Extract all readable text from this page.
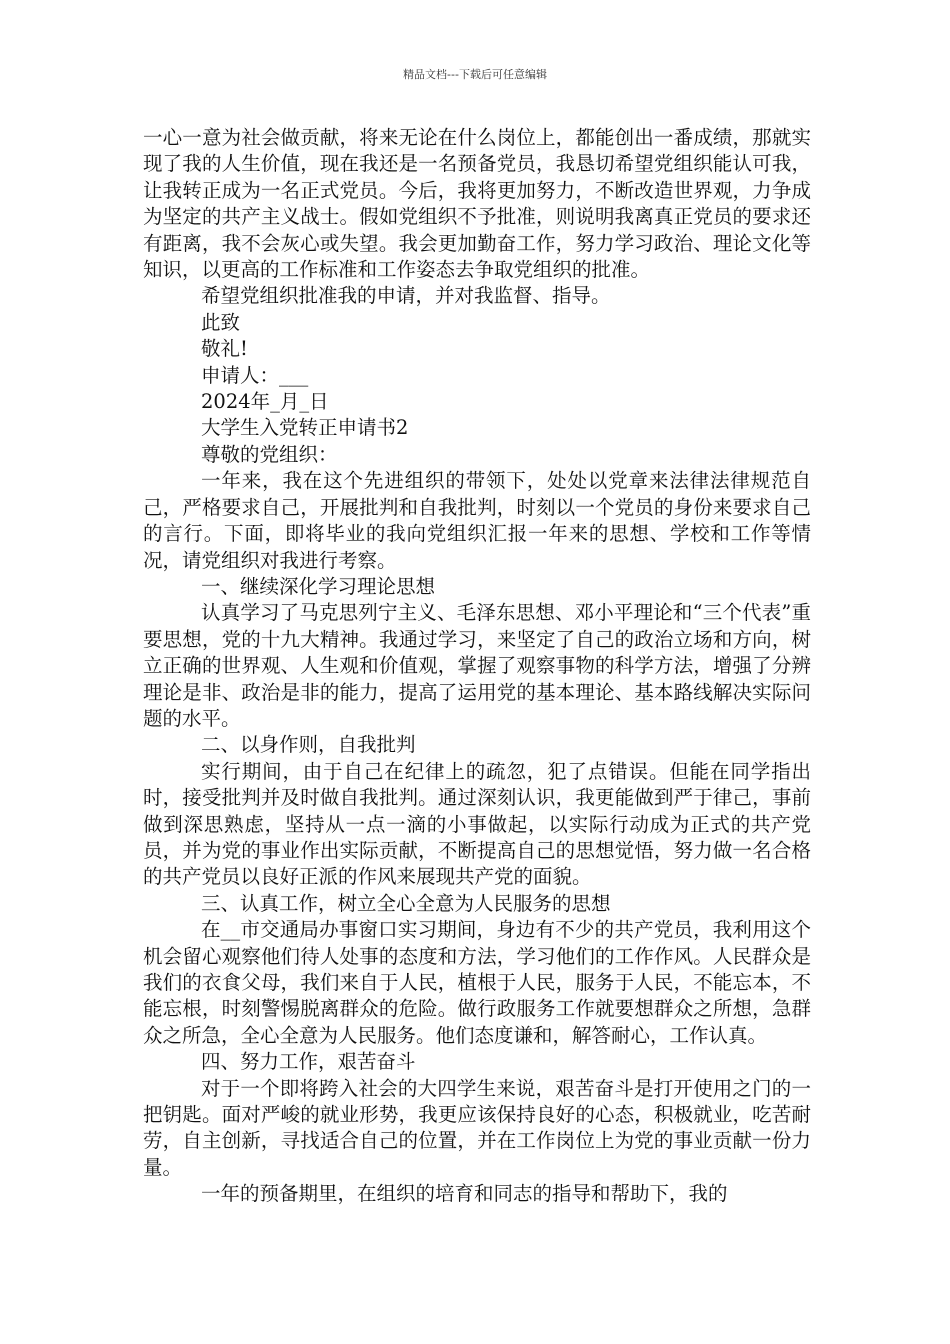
精品文档---下载后可任意编辑

一心一意为社会做贡献，将来无论在什么岗位上，都能创出一番成绩，那就实现了我的人生价值，现在我还是一名预备党员，我恳切希望党组织能认可我，让我转正成为一名正式党员。今后，我将更加努力，不断改造世界观，力争成为坚定的共产主义战士。假如党组织不予批准，则说明我离真正党员的要求还有距离，我不会灰心或失望。我会更加勤奋工作，努力学习政治、理论文化等知识，以更高的工作标准和工作姿态去争取党组织的批准。

希望党组织批准我的申请，并对我监督、指导。

此致

敬礼!

申请人：___

2024年_月_日

大学生入党转正申请书2

尊敬的党组织：

一年来，我在这个先进组织的带领下，处处以党章来法律法律规范自己，严格要求自己，开展批判和自我批判，时刻以一个党员的身份来要求自己的言行。下面，即将毕业的我向党组织汇报一年来的思想、学校和工作等情况，请党组织对我进行考察。

一、继续深化学习理论思想

认真学习了马克思列宁主义、毛泽东思想、邓小平理论和“三个代表”重要思想，党的十九大精神。我通过学习，来坚定了自己的政治立场和方向，树立正确的世界观、人生观和价值观，掌握了观察事物的科学方法，增强了分辨理论是非、政治是非的能力，提高了运用党的基本理论、基本路线解决实际问题的水平。

二、以身作则，自我批判

实行期间，由于自己在纪律上的疏忽，犯了点错误。但能在同学指出时，接受批判并及时做自我批判。通过深刻认识，我更能做到严于律己，事前做到深思熟虑，坚持从一点一滴的小事做起，以实际行动成为正式的共产党员，并为党的事业作出实际贡献，不断提高自己的思想觉悟，努力做一名合格的共产党员以良好正派的作风来展现共产党的面貌。

三、认真工作，树立全心全意为人民服务的思想

在__市交通局办事窗口实习期间，身边有不少的共产党员，我利用这个机会留心观察他们待人处事的态度和方法，学习他们的工作作风。人民群众是我们的衣食父母，我们来自于人民，植根于人民，服务于人民，不能忘本，不能忘根，时刻警惕脱离群众的危险。做行政服务工作就要想群众之所想，急群众之所急，全心全意为人民服务。他们态度谦和，解答耐心，工作认真。

四、努力工作，艰苦奋斗

对于一个即将跨入社会的大四学生来说，艰苦奋斗是打开使用之门的一把钥匙。面对严峻的就业形势，我更应该保持良好的心态，积极就业，吃苦耐劳，自主创新，寻找适合自己的位置，并在工作岗位上为党的事业贡献一份力量。

一年的预备期里，在组织的培育和同志的指导和帮助下，我的
